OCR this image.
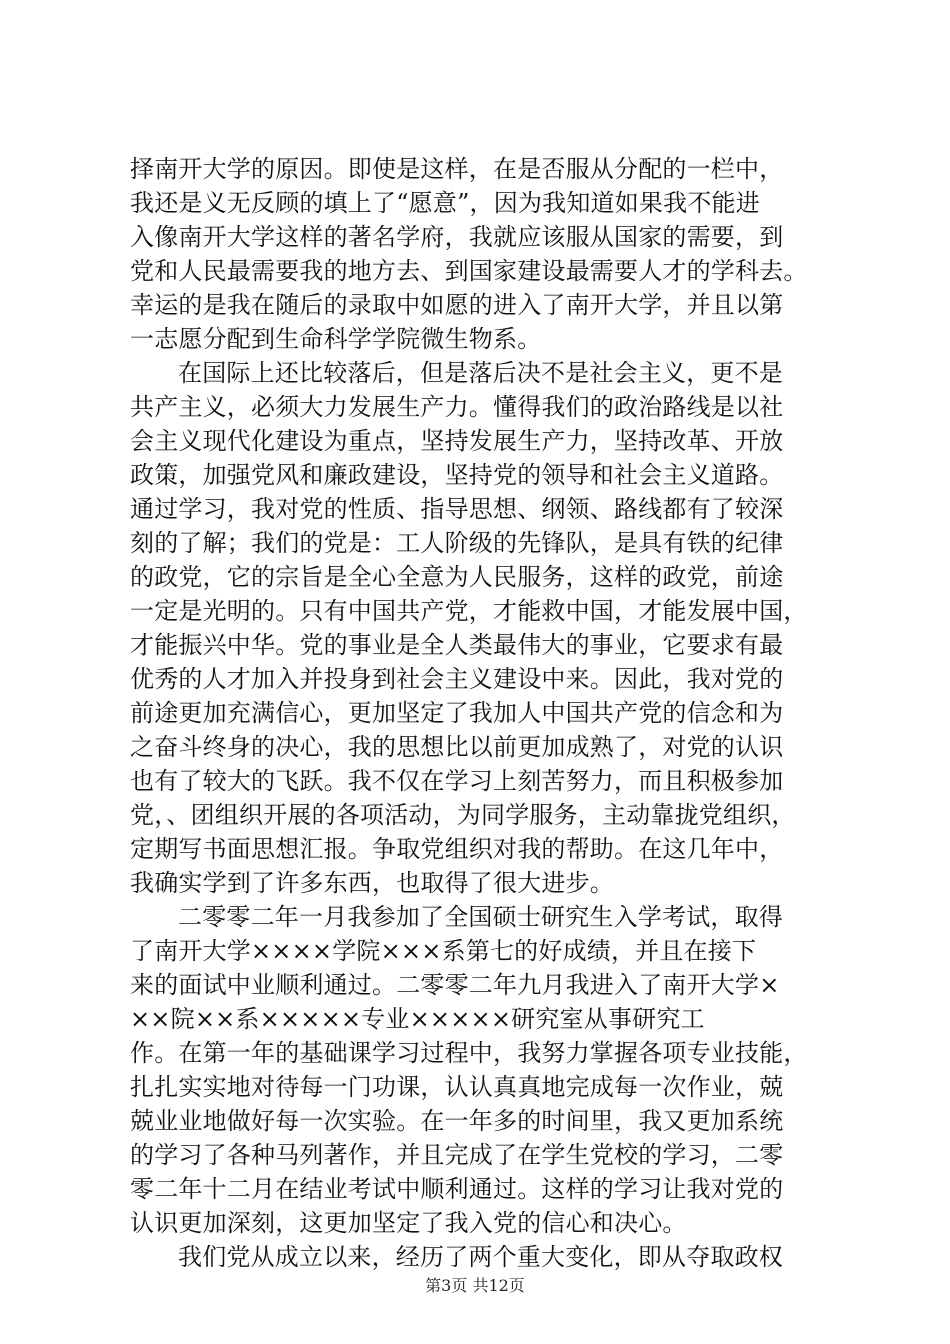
择南开大学的原因。即使是这样，在是否服从分配的一栏中，
我还是义无反顾的填上了“愿意”，因为我知道如果我不能进
入像南开大学这样的著名学府，我就应该服从国家的需要，到
党和人民最需要我的地方去、到国家建设最需要人才的学科去。
幸运的是我在随后的录取中如愿的进入了南开大学，并且以第
一志愿分配到生命科学学院微生物系。
在国际上还比较落后，但是落后决不是社会主义，更不是
共产主义，必须大力发展生产力。懂得我们的政治路线是以社
会主义现代化建设为重点，坚持发展生产力，坚持改革、开放
政策，加强党风和廉政建设，坚持党的领导和社会主义道路。
通过学习，我对党的性质、指导思想、纲领、路线都有了较深
刻的了解；我们的党是：工人阶级的先锋队，是具有铁的纪律
的政党，它的宗旨是全心全意为人民服务，这样的政党，前途
一定是光明的。只有中国共产党，才能救中国，才能发展中国，
才能振兴中华。党的事业是全人类最伟大的事业，它要求有最
优秀的人才加入并投身到社会主义建设中来。因此，我对党的
前途更加充满信心，更加坚定了我加人中国共产党的信念和为
之奋斗终身的决心，我的思想比以前更加成熟了，对党的认识
也有了较大的飞跃。我不仅在学习上刻苦努力，而且积极参加
党，、团组织开展的各项活动，为同学服务，主动靠拢党组织，
定期写书面思想汇报。争取党组织对我的帮助。在这几年中，
我确实学到了许多东西，也取得了很大进步。
二零零二年一月我参加了全国硕士研究生入学考试，取得
了南开大学××××学院×××系第七的好成绩，并且在接下
来的面试中业顺利通过。二零零二年九月我进入了南开大学×
××院××系×××××专业×××××研究室从事研究工
作。在第一年的基础课学习过程中，我努力掌握各项专业技能，
扎扎实实地对待每一门功课，认认真真地完成每一次作业，兢
兢业业地做好每一次实验。在一年多的时间里，我又更加系统
的学习了各种马列著作，并且完成了在学生党校的学习，二零
零二年十二月在结业考试中顺利通过。这样的学习让我对党的
认识更加深刻，这更加坚定了我入党的信心和决心。
我们党从成立以来，经历了两个重大变化，即从夺取政权
第3页 共12页
